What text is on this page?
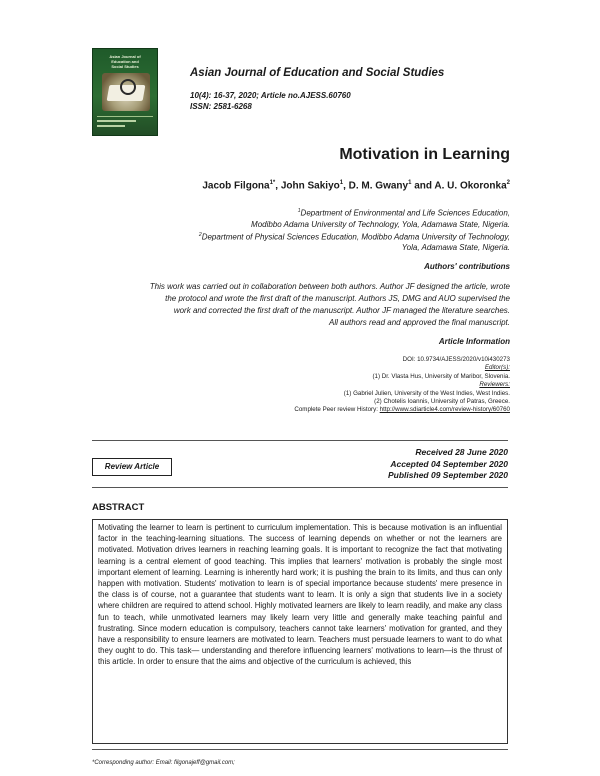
Asian Journal of
Education and
Social Studies
Asian Journal of Education and Social Studies
10(4): 16-37, 2020; Article no.AJESS.60760
ISSN: 2581-6268
Motivation in Learning
Jacob Filgona$^{1*}$, John Sakiyo$^1$, D. M. Gwany$^1$ and A. U. Okoronka$^2$
$^1$Department of Environmental and Life Sciences Education,
Modibbo Adama University of Technology, Yola, Adamawa State, Nigeria.
$^2$Department of Physical Sciences Education, Modibbo Adama University of Technology,
Yola, Adamawa State, Nigeria.
Authors' contributions
This work was carried out in collaboration between both authors. Author JF designed the article, wrote
the protocol and wrote the first draft of the manuscript. Authors JS, DMG and AUO supervised the
work and corrected the first draft of the manuscript. Author JF managed the literature searches.
All authors read and approved the final manuscript.
Article Information
DOI: 10.9734/AJESS/2020/v10i430273
Editor(s):
(1) Dr. Vlasta Hus, University of Maribor, Slovenia.
Reviewers:
(1) Gabriel Julien, University of the West Indies, West Indies.
(2) Chotelis Ioannis, University of Patras, Greece.
Complete Peer review History: http://www.sdiarticle4.com/review-history/60760
Review Article
Received 28 June 2020
Accepted 04 September 2020
Published 09 September 2020
ABSTRACT
Motivating the learner to learn is pertinent to curriculum implementation. This is because motivation is an influential factor in the teaching-learning situations. The success of learning depends on whether or not the learners are motivated. Motivation drives learners in reaching learning goals. It is important to recognize the fact that motivating learning is a central element of good teaching. This implies that learners' motivation is probably the single most important element of learning. Learning is inherently hard work; it is pushing the brain to its limits, and thus can only happen with motivation. Students' motivation to learn is of special importance because students' mere presence in the class is of course, not a guarantee that students want to learn. It is only a sign that students live in a society where children are required to attend school. Highly motivated learners are likely to learn readily, and make any class fun to teach, while unmotivated learners may likely learn very little and generally make teaching painful and frustrating. Since modern education is compulsory, teachers cannot take learners' motivation for granted, and they have a responsibility to ensure learners are motivated to learn. Teachers must persuade learners to want to do what they ought to do. This task— understanding and therefore influencing learners' motivations to learn—is the thrust of this article. In order to ensure that the aims and objective of the curriculum is achieved, this
*Corresponding author: Email: filgonajeff@gmail.com;
